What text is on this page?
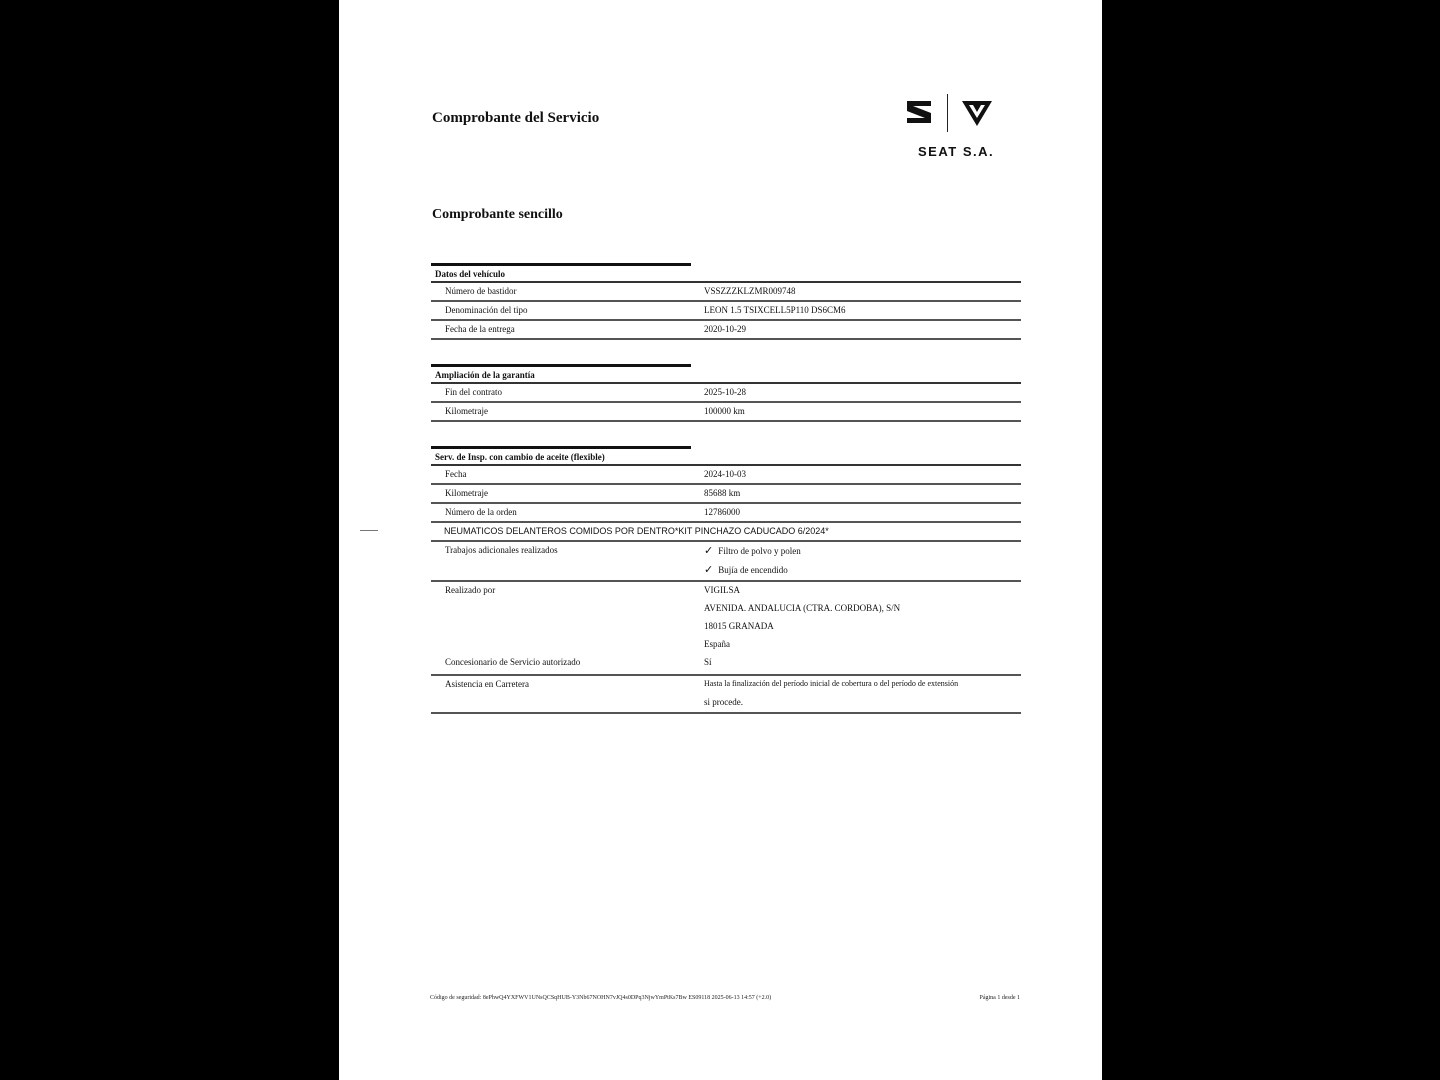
Comprobante del Servicio
SEAT S.A.
Comprobante sencillo
Datos del vehículo
Número de bastidor	VSSZZZKLZMR009748
Denominación del tipo	LEON 1.5 TSIXCELL5P110 DS6CM6
Fecha de la entrega	2020-10-29
Ampliación de la garantía
Fin del contrato	2025-10-28
Kilometraje	100000 km
Serv. de Insp. con cambio de aceite (flexible)
Fecha	2024-10-03
Kilometraje	85688 km
Número de la orden	12786000
NEUMATICOS DELANTEROS COMIDOS POR DENTRO*KIT PINCHAZO CADUCADO 6/2024*
Trabajos adicionales realizados	✓ Filtro de polvo y polen
✓ Bujía de encendido
Realizado por	VIGILSA
AVENIDA. ANDALUCIA (CTRA. CORDOBA), S/N
18015 GRANADA
España
Concesionario de Servicio autorizado	Sí
Asistencia en Carretera	Hasta la finalización del período inicial de cobertura o del período de extensión
si procede.
Código de seguridad: 8ePhwQ4YXFWV1UNsQCSqHUB-Y3Nb67NOHN7vJQ4s0DPq3NjwYmPtKs7Bw ES09118 2025-06-13 14:57 (+2.0)	Página 1 desde 1
